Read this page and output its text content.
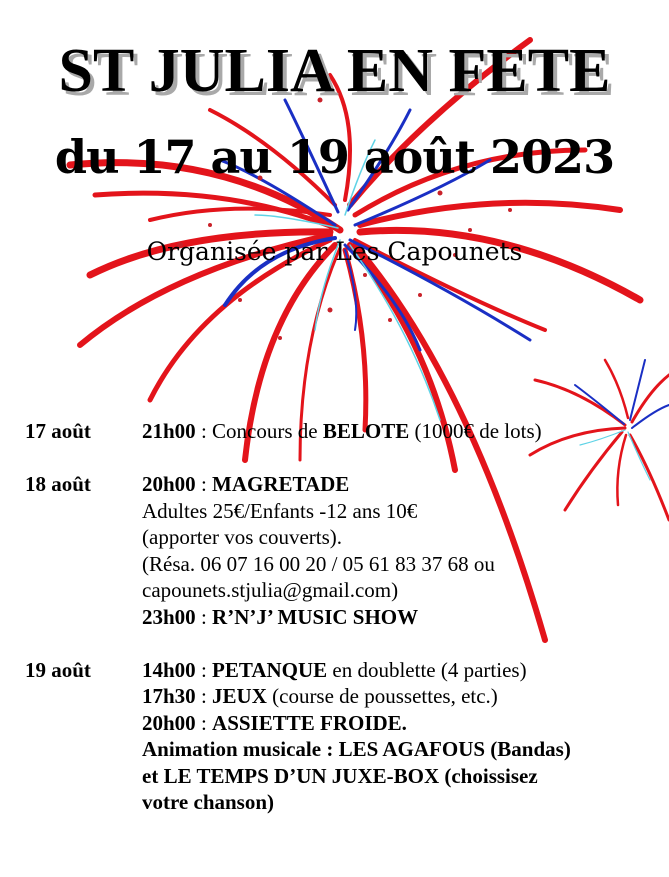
ST JULIA EN FETE
du 17 au 19 août 2023
Organisée par Les Capounets
17 août	21h00 : Concours de BELOTE (1000€ de lots)
18 août	20h00 : MAGRETADE
Adultes 25€/Enfants -12 ans 10€
(apporter vos couverts).
(Résa. 06 07 16 00 20 / 05 61 83 37 68 ou
capounets.stjulia@gmail.com)
23h00 : R’N’J’ MUSIC SHOW
19 août	14h00 : PETANQUE en doublette (4 parties)
17h30 : JEUX (course de poussettes, etc.)
20h00 : ASSIETTE FROIDE.
Animation musicale : LES AGAFOUS (Bandas)
et LE TEMPS D’UN JUXE-BOX (choissisez
votre chanson)
